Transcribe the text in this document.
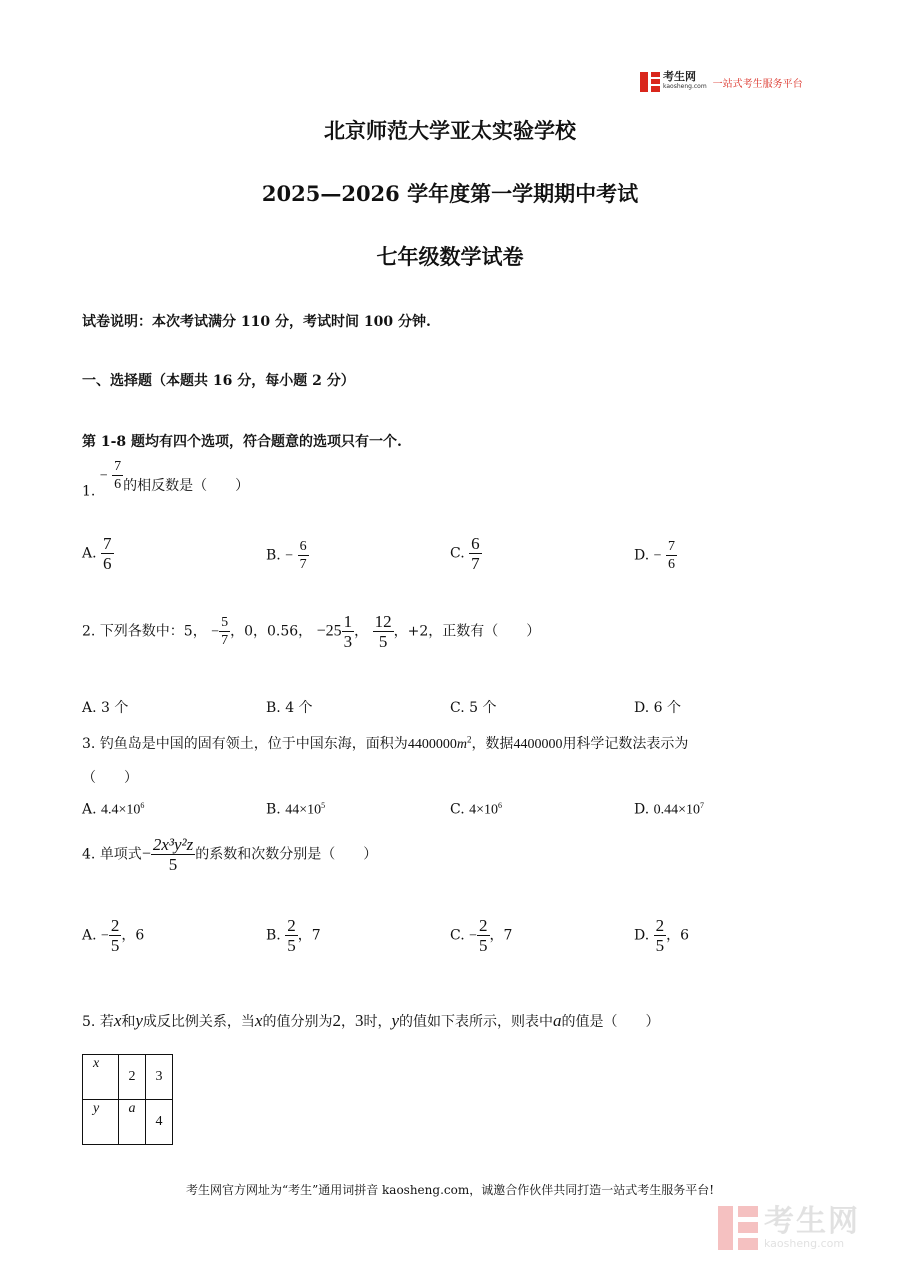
考生网
kaosheng.com 一站式考生服务平台
北京师范大学亚太实验学校
2025—2026 学年度第一学期期中考试
七年级数学试卷
试卷说明：本次考试满分 110 分，考试时间 100 分钟.
一、选择题（本题共 16 分，每小题 2 分）
第 1-8 题均有四个选项，符合题意的选项只有一个.
1. − $\frac{7}{6}$ 的相反数是（　　）
A. $\frac{7}{6}$	B. − $\frac{6}{7}$	C. $\frac{6}{7}$	D. − $\frac{7}{6}$
2. 下列各数中：5， − $\frac{5}{7}$ ，0，0.56， $-25 \frac{1}{3}$ ， $\frac{12}{5}$ ，+2，正数有（　　）
A. 3 个	B. 4 个	C. 5 个	D. 6 个
3. 钓鱼岛是中国的固有领土，位于中国东海，面积为$4400000m^2$，数据4400000用科学记数法表示为
（　　）
A. $4.4\times 10^6$	B. $44\times 10^5$	C. $4\times 10^6$	D. $0.44\times 10^7$
4. 单项式− $\frac{\text{2x³y²z}}{5}$ 的系数和次数分别是（　　）
A. − $\frac{2}{5}$ ，6	B. $\frac{2}{5}$ ，7	C. − $\frac{2}{5}$ ，7	D. $\frac{2}{5}$ ，6
5. 若x和y成反比例关系，当x的值分别为2，3时，y的值如下表所示，则表中a的值是（　　）
x	2	3
y	a	4
考生网官方网址为“考生”通用词拼音 kaosheng.com，诚邀合作伙伴共同打造一站式考生服务平台!
考生网
kaosheng.com
